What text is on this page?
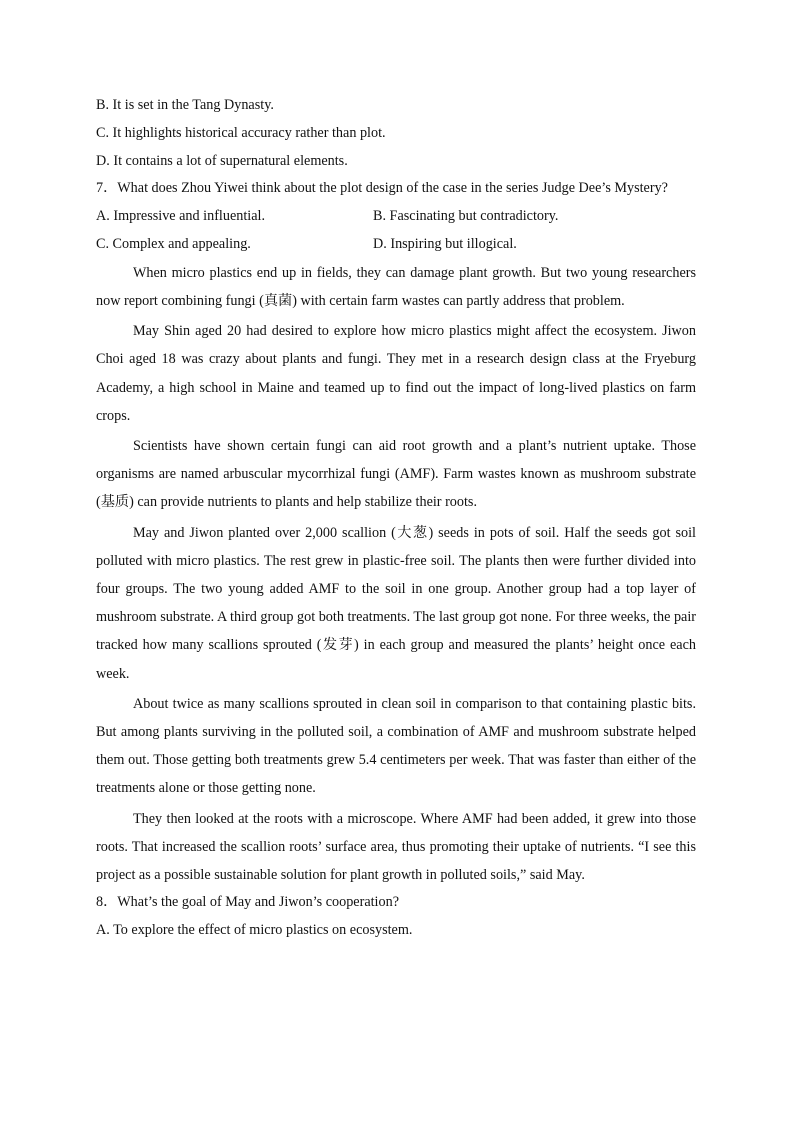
B. It is set in the Tang Dynasty.
C. It highlights historical accuracy rather than plot.
D. It contains a lot of supernatural elements.

7．What does Zhou Yiwei think about the plot design of the case in the series Judge Dee’s Mystery?

A. Impressive and influential.	B. Fascinating but contradictory.
C. Complex and appealing.	D. Inspiring but illogical.

When micro plastics end up in fields, they can damage plant growth. But two young researchers now report combining fungi (真菌) with certain farm wastes can partly address that problem.

May Shin aged 20 had desired to explore how micro plastics might affect the ecosystem. Jiwon Choi aged 18 was crazy about plants and fungi. They met in a research design class at the Fryeburg Academy, a high school in Maine and teamed up to find out the impact of long-lived plastics on farm crops.

Scientists have shown certain fungi can aid root growth and a plant’s nutrient uptake. Those organisms are named arbuscular mycorrhizal fungi (AMF). Farm wastes known as mushroom substrate (基质) can provide nutrients to plants and help stabilize their roots.

May and Jiwon planted over 2,000 scallion (大葱) seeds in pots of soil. Half the seeds got soil polluted with micro plastics. The rest grew in plastic-free soil. The plants then were further divided into four groups. The two young added AMF to the soil in one group. Another group had a top layer of mushroom substrate. A third group got both treatments. The last group got none. For three weeks, the pair tracked how many scallions sprouted (发芽) in each group and measured the plants’ height once each week.

About twice as many scallions sprouted in clean soil in comparison to that containing plastic bits. But among plants surviving in the polluted soil, a combination of AMF and mushroom substrate helped them out. Those getting both treatments grew 5.4 centimeters per week. That was faster than either of the treatments alone or those getting none.

They then looked at the roots with a microscope. Where AMF had been added, it grew into those roots. That increased the scallion roots’ surface area, thus promoting their uptake of nutrients. “I see this project as a possible sustainable solution for plant growth in polluted soils,” said May.

8．What’s the goal of May and Jiwon’s cooperation?
A. To explore the effect of micro plastics on ecosystem.
